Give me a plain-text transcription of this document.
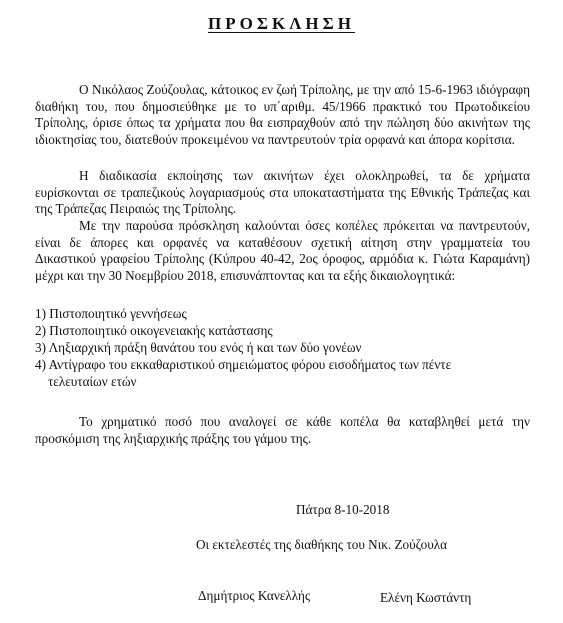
ΠΡΟΣΚΛΗΣΗ
Ο Νικόλαος Ζούζουλας, κάτοικος εν ζωή Τρίπολης, με την από 15-6-1963 ιδιόγραφη διαθήκη του, που δημοσιεύθηκε με το υπ΄αριθμ. 45/1966 πρακτικό του Πρωτοδικείου Τρίπολης, όρισε όπως τα χρήματα που θα εισπραχθούν από την πώληση δύο ακινήτων της ιδιοκτησίας του, διατεθούν προκειμένου να παντρευτούν τρία ορφανά και άπορα κορίτσια.
Η διαδικασία εκποίησης των ακινήτων έχει ολοκληρωθεί, τα δε χρήματα ευρίσκονται σε τραπεζικούς λογαριασμούς στα υποκαταστήματα της Εθνικής Τράπεζας και της Τράπεζας Πειραιώς της Τρίπολης.
Με την παρούσα πρόσκληση καλούνται όσες κοπέλες πρόκειται να παντρευτούν, είναι δε άπορες και ορφανές να καταθέσουν σχετική αίτηση στην γραμματεία του Δικαστικού γραφείου Τρίπολης (Κύπρου 40-42, 2ος όροφος, αρμόδια κ. Γιώτα Καραμάνη) μέχρι και την 30 Νοεμβρίου 2018, επισυνάπτοντας και τα εξής δικαιολογητικά:
1) Πιστοποιητικό γεννήσεως
2) Πιστοποιητικό οικογενειακής κατάστασης
3) Ληξιαρχική πράξη θανάτου του ενός ή και των δύο γονέων
4) Αντίγραφο του εκκαθαριστικού σημειώματος φόρου εισοδήματος των πέντε
τελευταίων ετών
Το χρηματικό ποσό που αναλογεί σε κάθε κοπέλα θα καταβληθεί μετά την προσκόμιση της ληξιαρχικής πράξης του γάμου της.
Πάτρα 8-10-2018
Οι εκτελεστές της διαθήκης του Νικ. Ζούζουλα
Δημήτριος Κανελλής	Ελένη Κωστάντη
